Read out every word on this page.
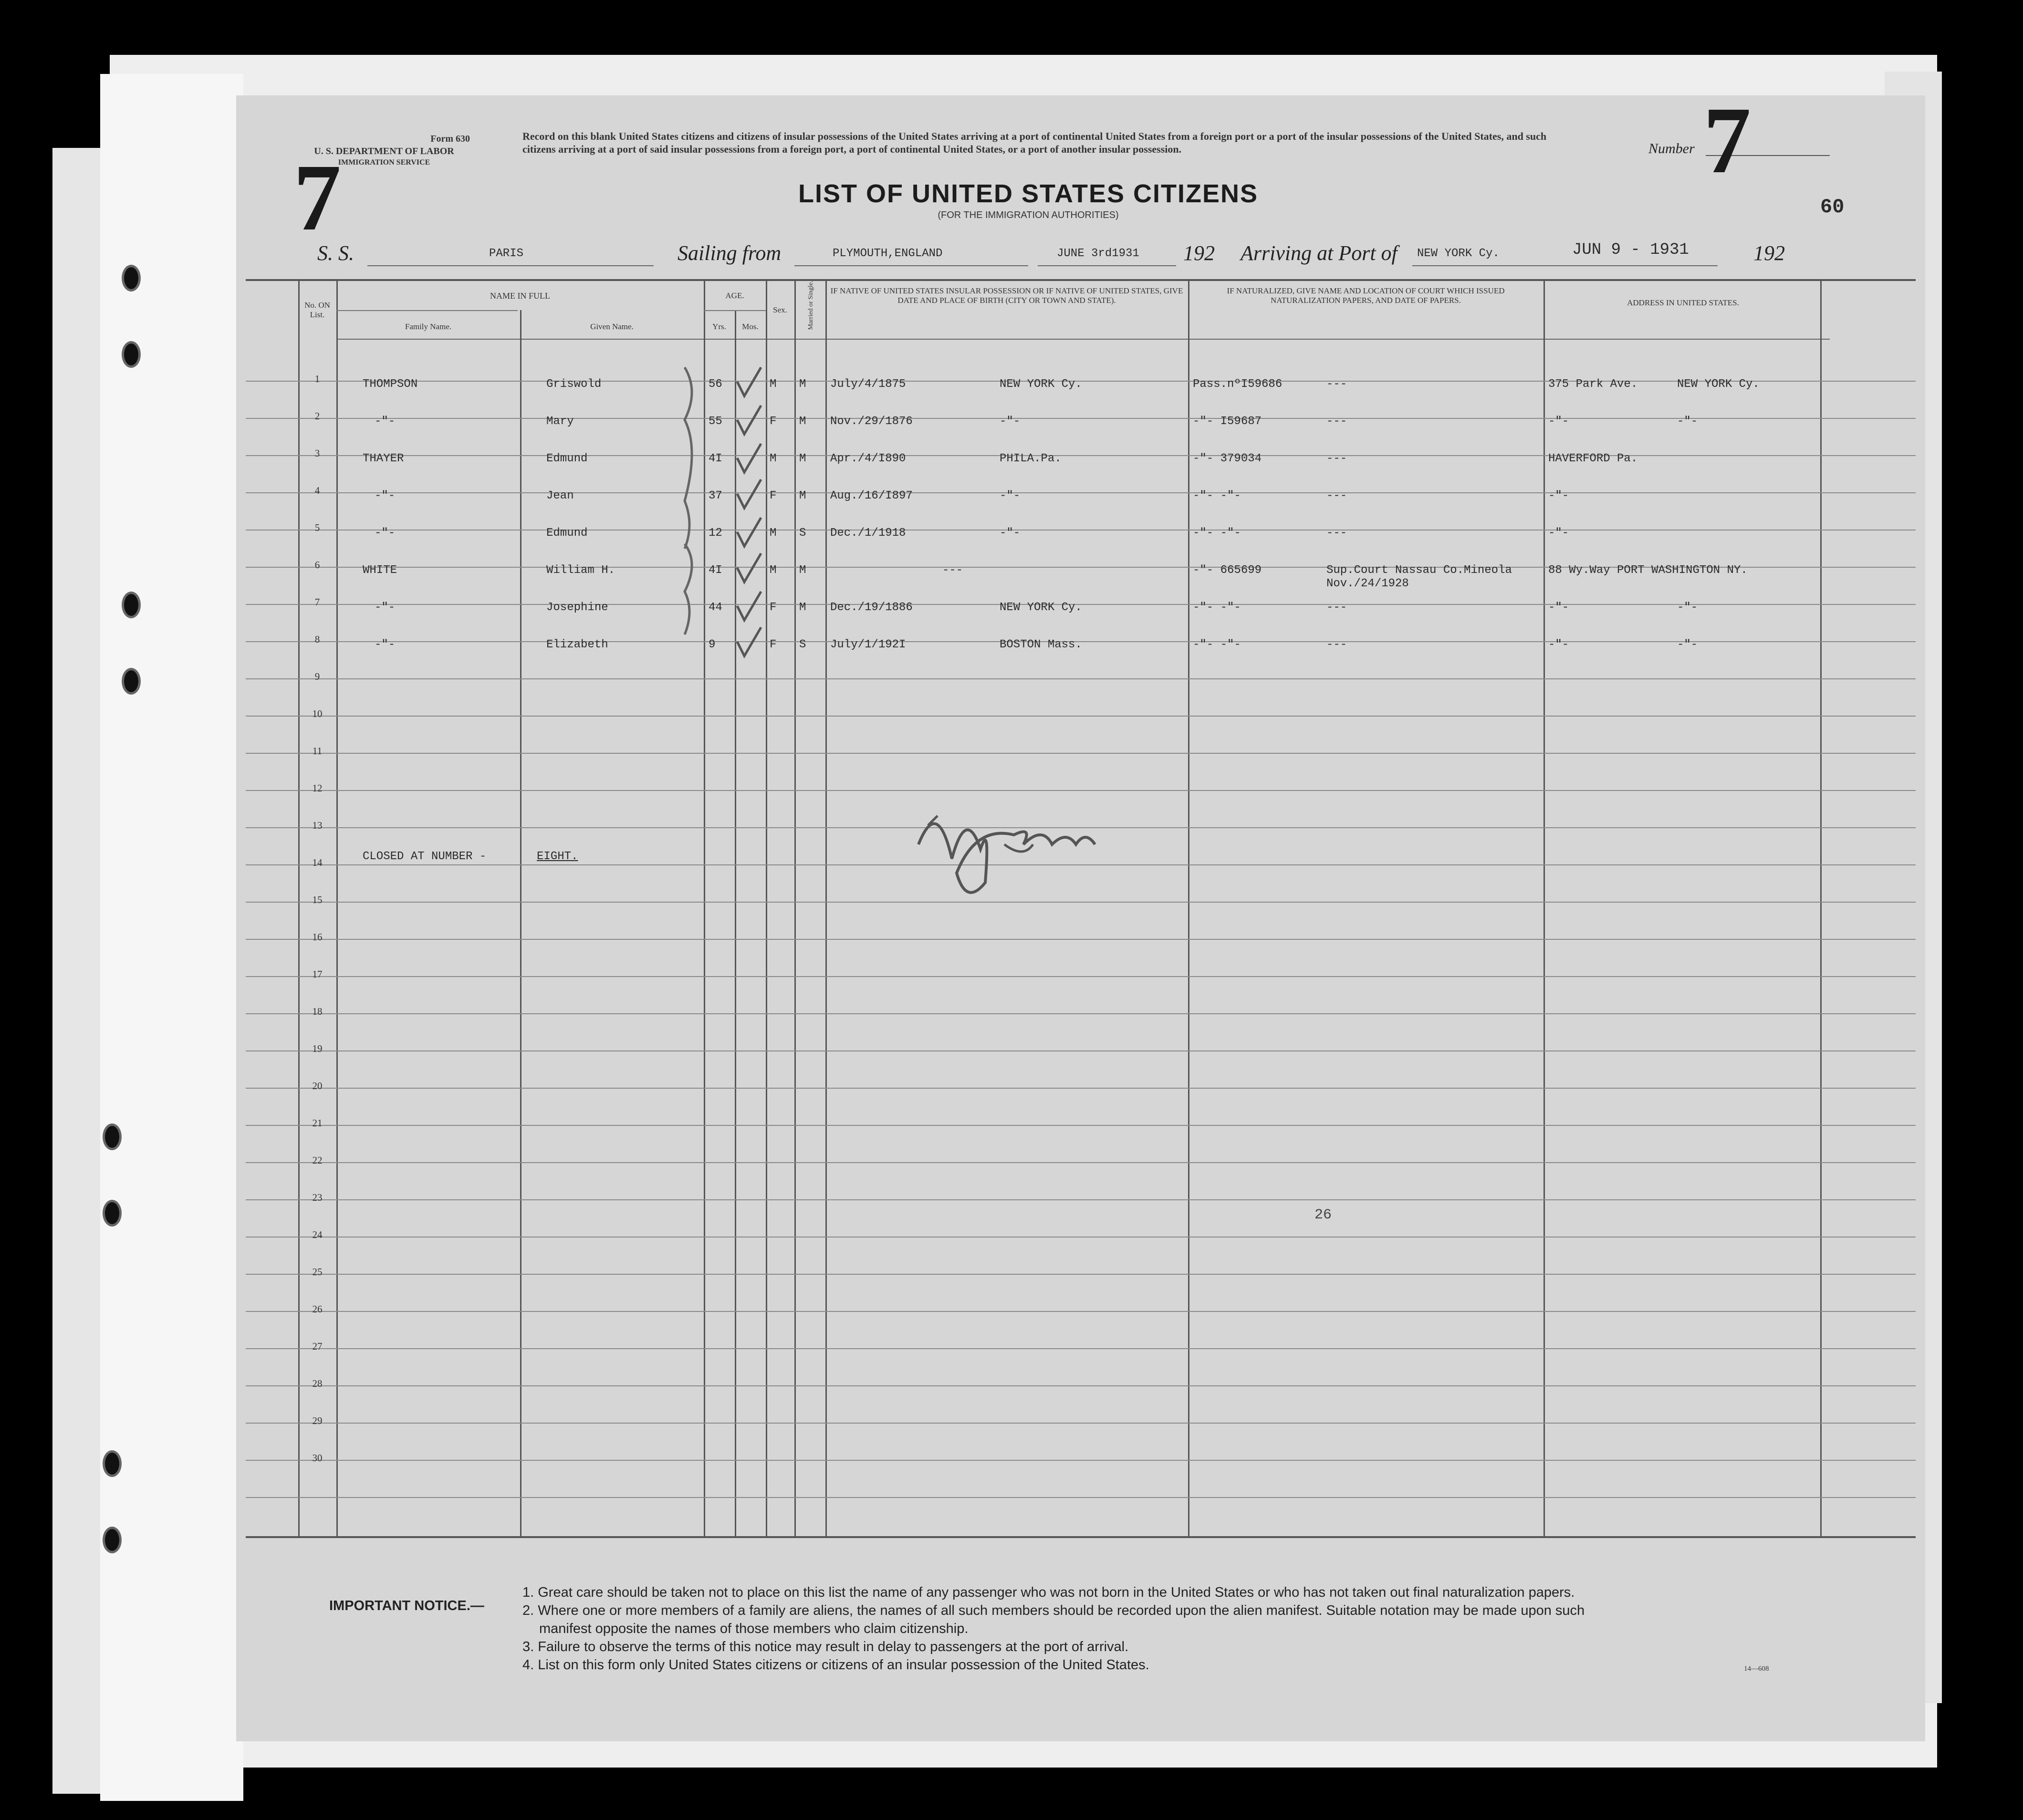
Form 630
U. S. DEPARTMENT OF LABOR
IMMIGRATION SERVICE
7
Record on this blank United States citizens and citizens of insular possessions of the United States arriving at a port of continental United States from a foreign port or a port of the insular possessions of the United States, and such citizens arriving at a port of said insular possessions from a foreign port, a port of continental United States, or a port of another insular possession.	Number 7
60
LIST OF UNITED STATES CITIZENS
(FOR THE IMMIGRATION AUTHORITIES)
S. S.	PARIS	Sailing from	PLYMOUTH,ENGLAND	JUNE 3rd1931 192 Arriving at Port of NEW YORK Cy.	JUN 9 - 1931	192
No. ON List.
NAME IN FULL
Family Name.	Given Name.
AGE.
Yrs.	Mos.
Sex.	Married or Single. IF NATIVE OF UNITED STATES INSULAR POSSESSION OR IF NATIVE OF UNITED STATES, GIVE DATE AND PLACE OF BIRTH (CITY OR TOWN AND STATE).
IF NATURALIZED, GIVE NAME AND LOCATION OF COURT WHICH ISSUED NATURALIZATION PAPERS, AND DATE OF PAPERS.	ADDRESS IN UNITED STATES.
1	THOMPSON	Griswold	56	M M July/4/1875	NEW YORK Cy.	Pass.nºI59686	---	375 Park Ave.	NEW YORK Cy.
2	-"-	Mary	55	F M Nov./29/1876	-"-	-"- I59687	---	-"-	-"-
3	THAYER	Edmund	4I	M M Apr./4/I890	PHILA.Pa.	-"- 379034	---	HAVERFORD Pa.
4	-"-	Jean	37	F M Aug./16/I897	-"-	-"- -"-	---	-"-
5	-"-	Edmund	12	M S Dec./1/1918	-"-	-"- -"-	---	-"-
6	WHITE	William H.	4I	M M	---	-"- 665699	Sup.Court Nassau Co.Mineola	88 Wy.Way PORT WASHINGTON NY.
Nov./24/1928
7	-"-	Josephine	44	F M Dec./19/1886	NEW YORK Cy.	-"- -"-	---	-"-	-"-
8	-"-	Elizabeth	9	F S July/1/192I	BOSTON Mass.	-"- -"-	---	-"-	-"-
9
10
11
12
13
14
15
16
17
18
19
20
21
22
23
24
25
26
27
28
29
30
CLOSED AT NUMBER -	EIGHT.
26
IMPORTANT NOTICE.—
1. Great care should be taken not to place on this list the name of any passenger who was not born in the United States or who has not taken out final naturalization papers.
2. Where one or more members of a family are aliens, the names of all such members should be recorded upon the alien manifest. Suitable notation may be made upon such
manifest opposite the names of those members who claim citizenship.
3. Failure to observe the terms of this notice may result in delay to passengers at the port of arrival.
4. List on this form only United States citizens or citizens of an insular possession of the United States.	14—608
